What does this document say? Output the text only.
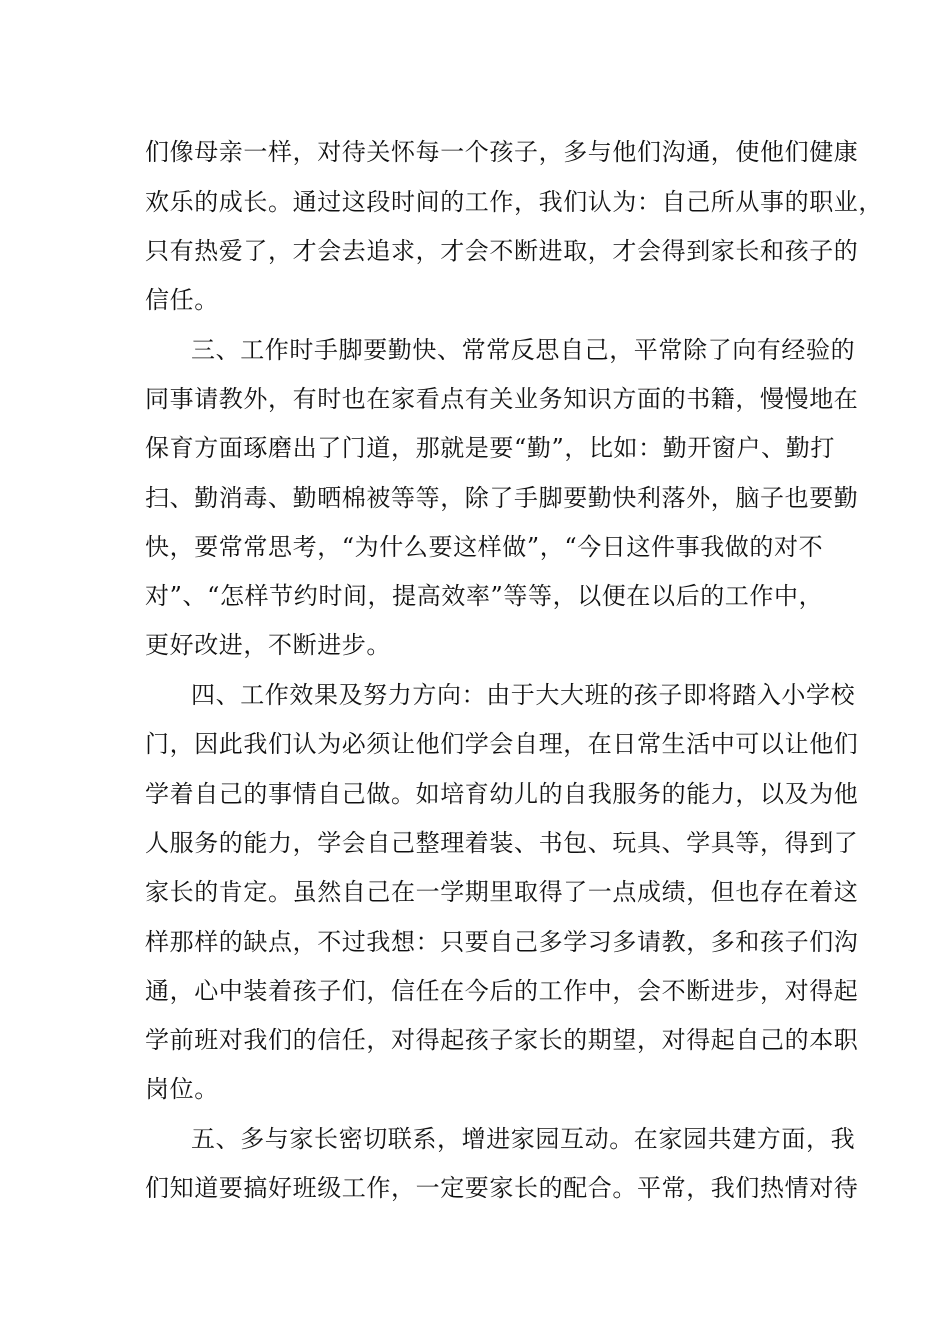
们像母亲一样，对待关怀每一个孩子，多与他们沟通，使他们健康
欢乐的成长。通过这段时间的工作，我们认为：自己所从事的职业，
只有热爱了，才会去追求，才会不断进取，才会得到家长和孩子的
信任。
三、工作时手脚要勤快、常常反思自己，平常除了向有经验的
同事请教外，有时也在家看点有关业务知识方面的书籍，慢慢地在
保育方面琢磨出了门道，那就是要“勤”，比如：勤开窗户、勤打
扫、勤消毒、勤晒棉被等等，除了手脚要勤快利落外，脑子也要勤
快，要常常思考，“为什么要这样做”，“今日这件事我做的对不
对”、“怎样节约时间，提高效率”等等，以便在以后的工作中，
更好改进，不断进步。
四、工作效果及努力方向：由于大大班的孩子即将踏入小学校
门，因此我们认为必须让他们学会自理，在日常生活中可以让他们
学着自己的事情自己做。如培育幼儿的自我服务的能力，以及为他
人服务的能力，学会自己整理着装、书包、玩具、学具等，得到了
家长的肯定。虽然自己在一学期里取得了一点成绩，但也存在着这
样那样的缺点，不过我想：只要自己多学习多请教，多和孩子们沟
通，心中装着孩子们，信任在今后的工作中，会不断进步，对得起
学前班对我们的信任，对得起孩子家长的期望，对得起自己的本职
岗位。
五、多与家长密切联系，增进家园互动。在家园共建方面，我
们知道要搞好班级工作，一定要家长的配合。平常，我们热情对待
